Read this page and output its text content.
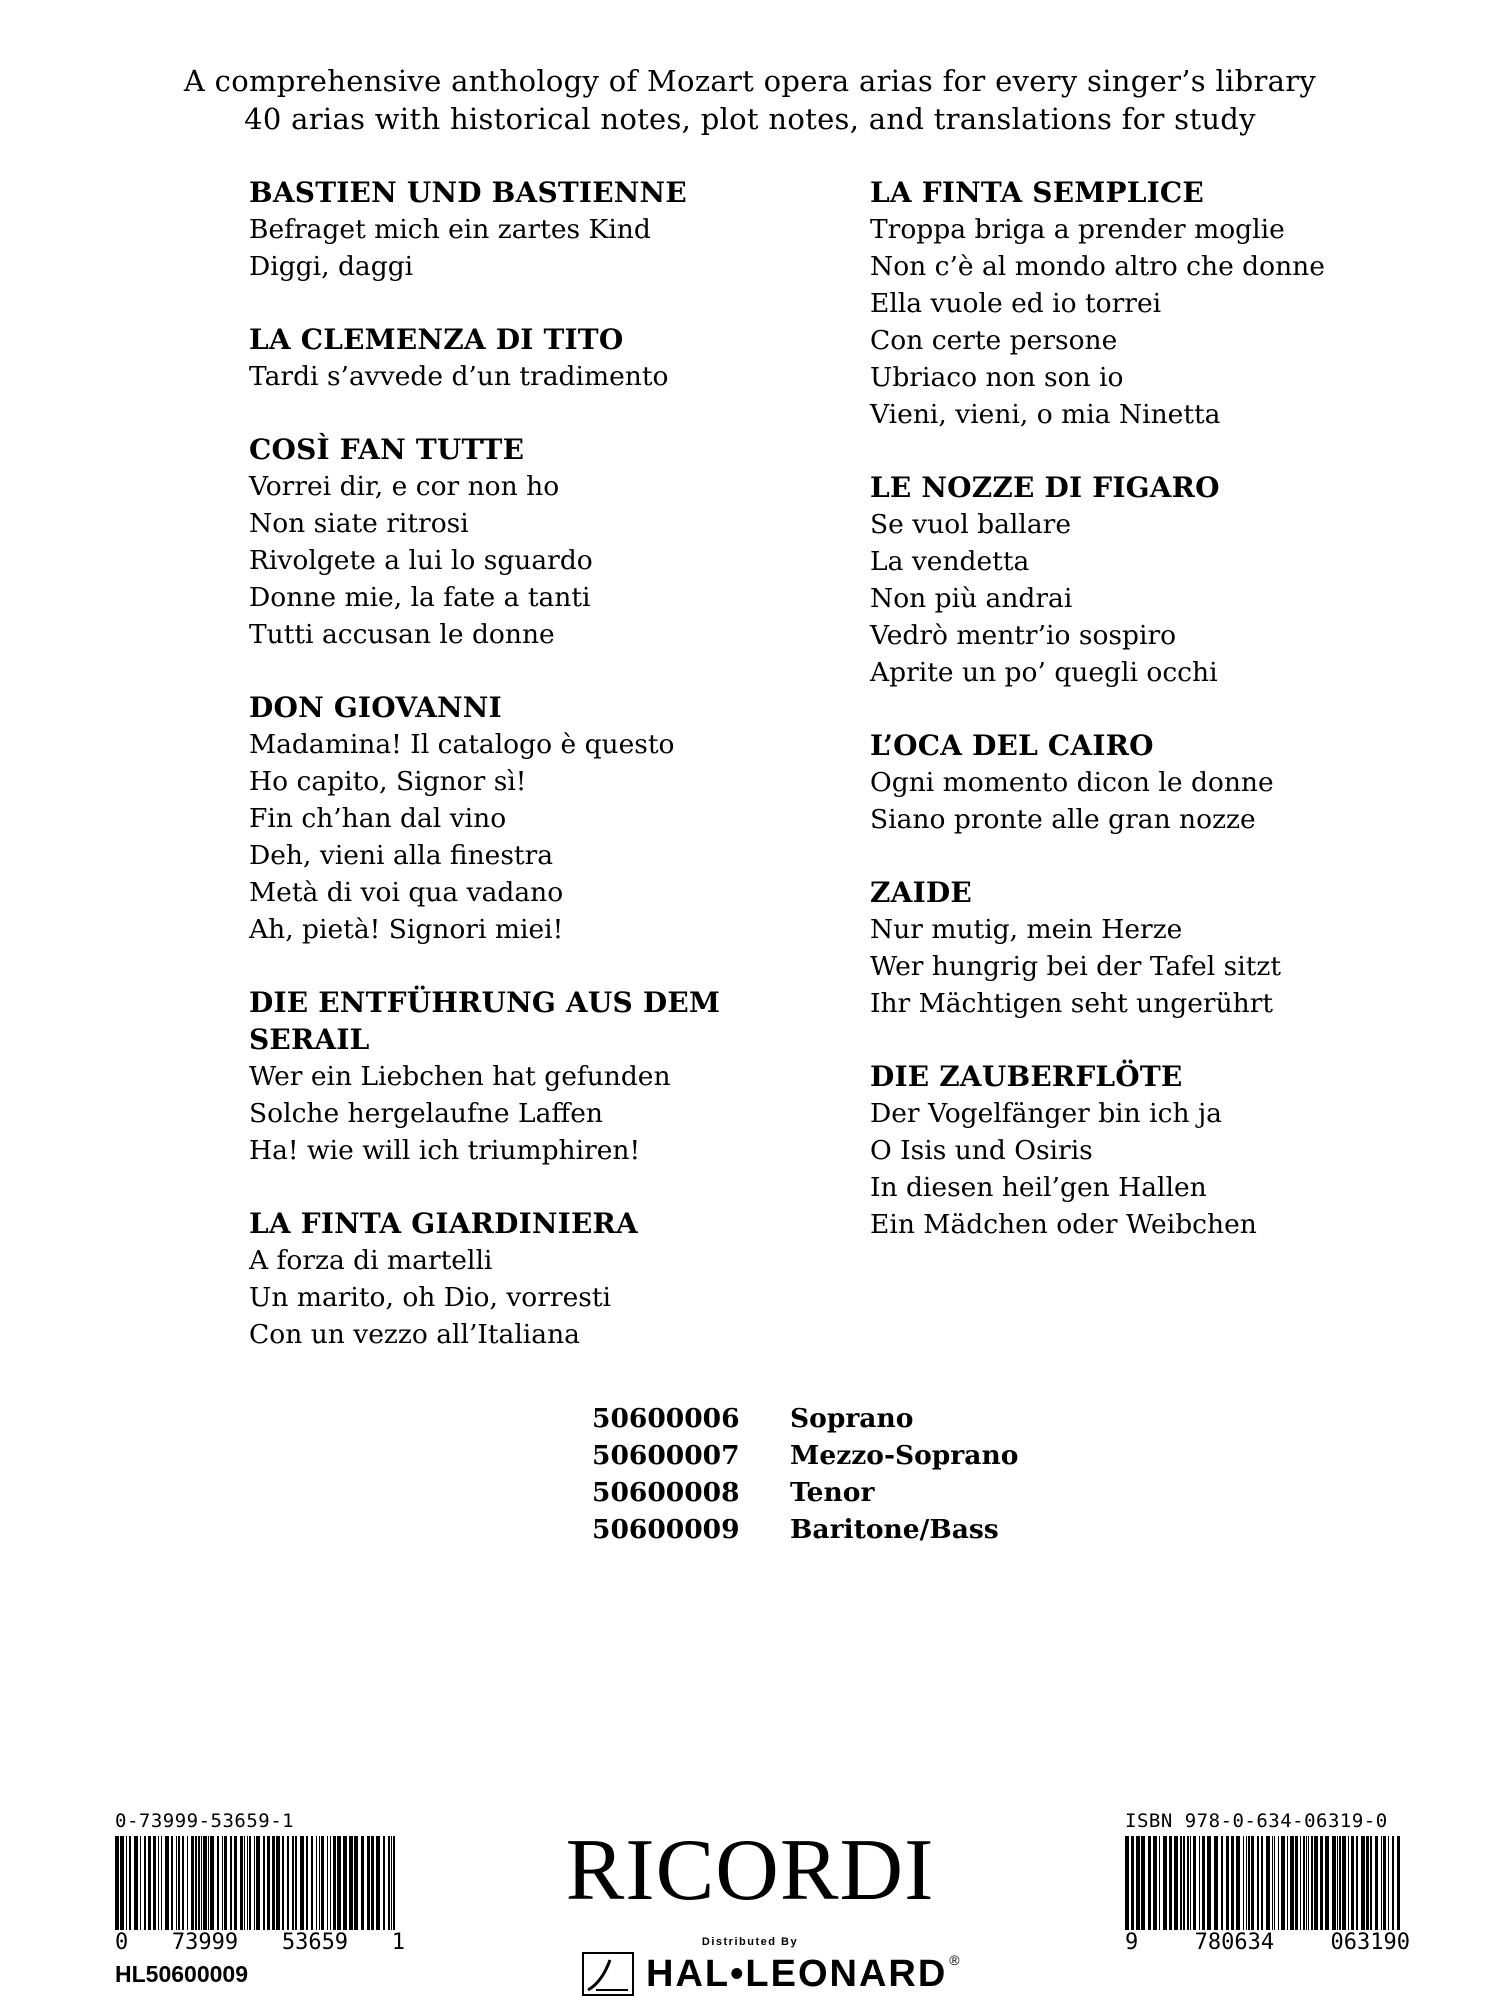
A comprehensive anthology of Mozart opera arias for every singer’s library
40 arias with historical notes, plot notes, and translations for study
BASTIEN UND BASTIENNE
Befraget mich ein zartes Kind
Diggi, daggi
LA CLEMENZA DI TITO
Tardi s’avvede d’un tradimento
COSÌ FAN TUTTE
Vorrei dir, e cor non ho
Non siate ritrosi
Rivolgete a lui lo sguardo
Donne mie, la fate a tanti
Tutti accusan le donne
DON GIOVANNI
Madamina! Il catalogo è questo
Ho capito, Signor sì!
Fin ch’han dal vino
Deh, vieni alla finestra
Metà di voi qua vadano
Ah, pietà! Signori miei!
DIE ENTFÜHRUNG AUS DEM SERAIL
Wer ein Liebchen hat gefunden
Solche hergelaufne Laffen
Ha! wie will ich triumphiren!
LA FINTA GIARDINIERA
A forza di martelli
Un marito, oh Dio, vorresti
Con un vezzo all’Italiana
LA FINTA SEMPLICE
Troppa briga a prender moglie
Non c’è al mondo altro che donne
Ella vuole ed io torrei
Con certe persone
Ubriaco non son io
Vieni, vieni, o mia Ninetta
LE NOZZE DI FIGARO
Se vuol ballare
La vendetta
Non più andrai
Vedrò mentr’io sospiro
Aprite un po’ quegli occhi
L’OCA DEL CAIRO
Ogni momento dicon le donne
Siano pronte alle gran nozze
ZAIDE
Nur mutig, mein Herze
Wer hungrig bei der Tafel sitzt
Ihr Mächtigen seht ungerührt
DIE ZAUBERFLÖTE
Der Vogelfänger bin ich ja
O Isis und Osiris
In diesen heil’gen Hallen
Ein Mädchen oder Weibchen
50600006	Soprano
50600007	Mezzo-Soprano
50600008	Tenor
50600009	Baritone/Bass
0-73999-53659-1
0 73999 53659 1
HL50600009
RICORDI
Distributed By
HAL•LEONARD ®
ISBN 978-0-634-06319-0
9	780634	063190
